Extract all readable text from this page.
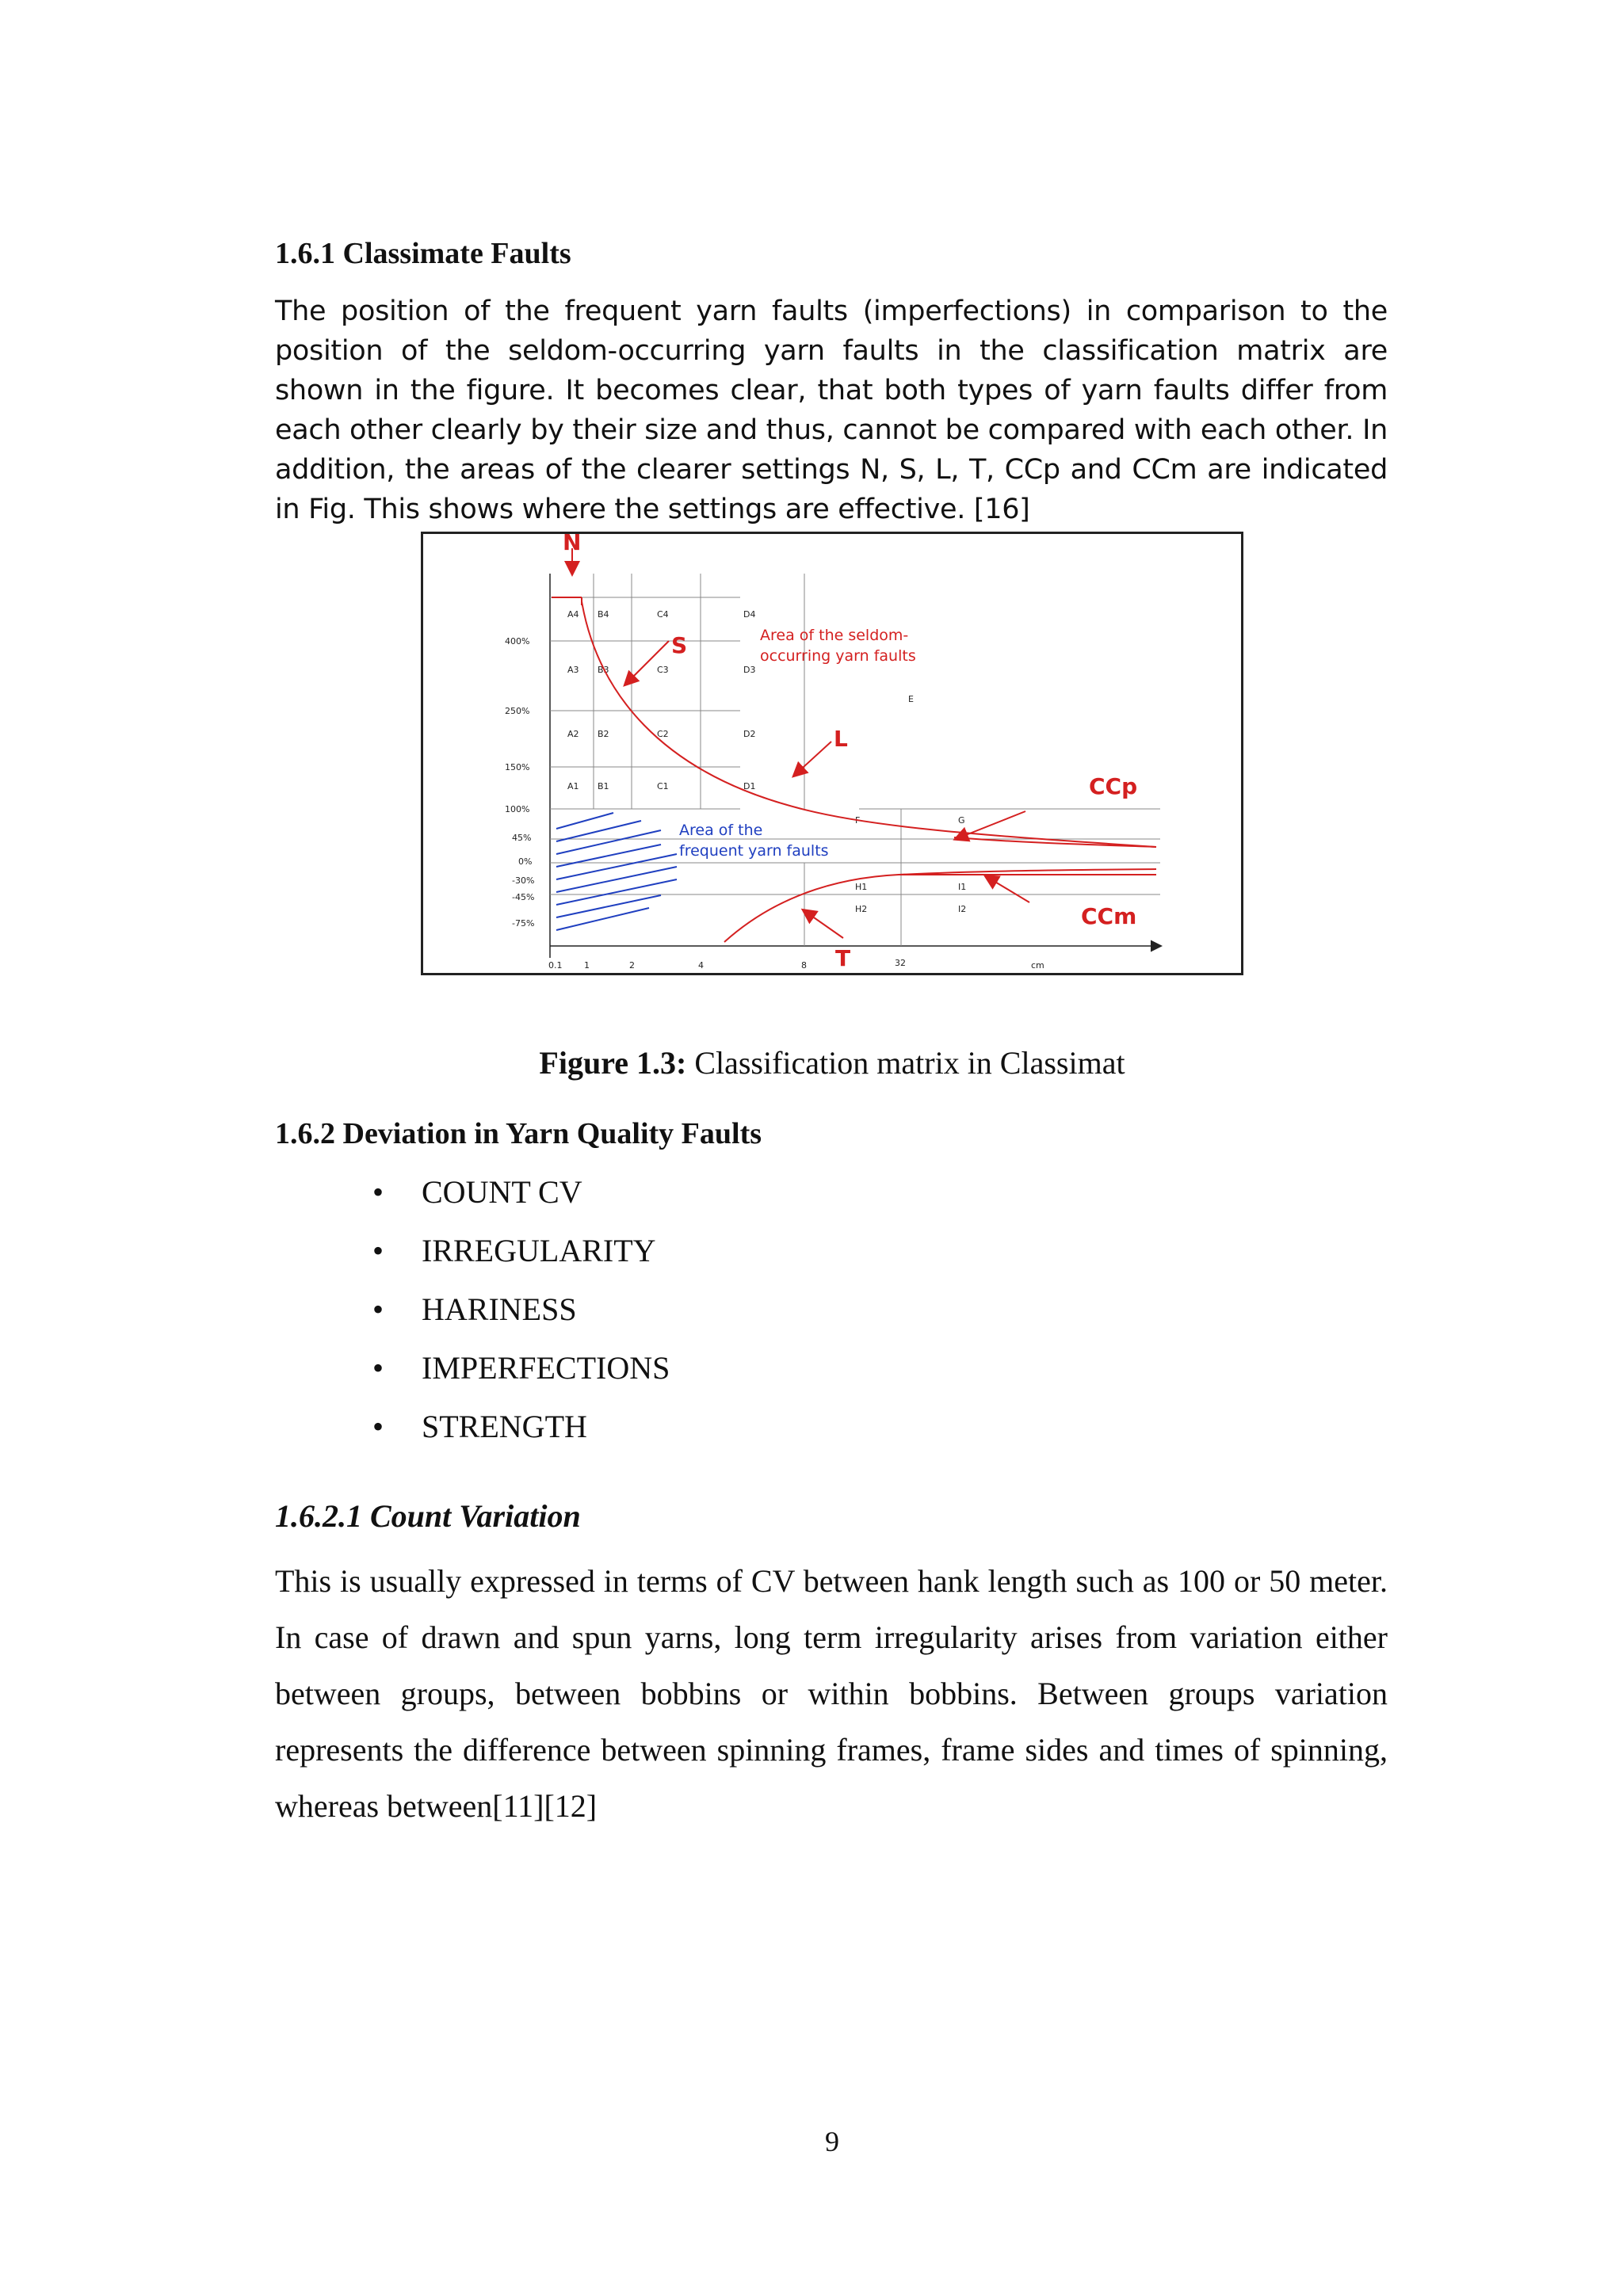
1.6.1 Classimate Faults
The position of the frequent yarn faults (imperfections) in comparison to the position of the seldom-occurring yarn faults in the classification matrix are shown in the figure. It becomes clear, that both types of yarn faults differ from each other clearly by their size and thus, cannot be compared with each other. In addition, the areas of the clearer settings N, S, L, T, CCp and CCm are indicated in Fig. This shows where the settings are effective. [16]
400%
250%
150%
100%
45%
0%
-30%
-45%
-75%
0.1	1	2	4	8	32	cm
A4 B4	C4	D4
A3 B3	C3	D3
A2 B2	C2	D2
A1 B1	C1	D1
E
F	G
H1	I1
H2	I2
N
S
L
T
CCp
CCm
Area of the seldom-
occurring yarn faults
Area of the
frequent yarn faults
Figure 1.3: Classification matrix in Classimat
1.6.2 Deviation in Yarn Quality Faults
• COUNT CV
• IRREGULARITY
• HARINESS
• IMPERFECTIONS
• STRENGTH
1.6.2.1 Count Variation
This is usually expressed in terms of CV between hank length such as 100 or 50 meter. In case of drawn and spun yarns, long term irregularity arises from variation either between groups, between bobbins or within bobbins. Between groups variation represents the difference between spinning frames, frame sides and times of spinning, whereas between[11][12]
9
